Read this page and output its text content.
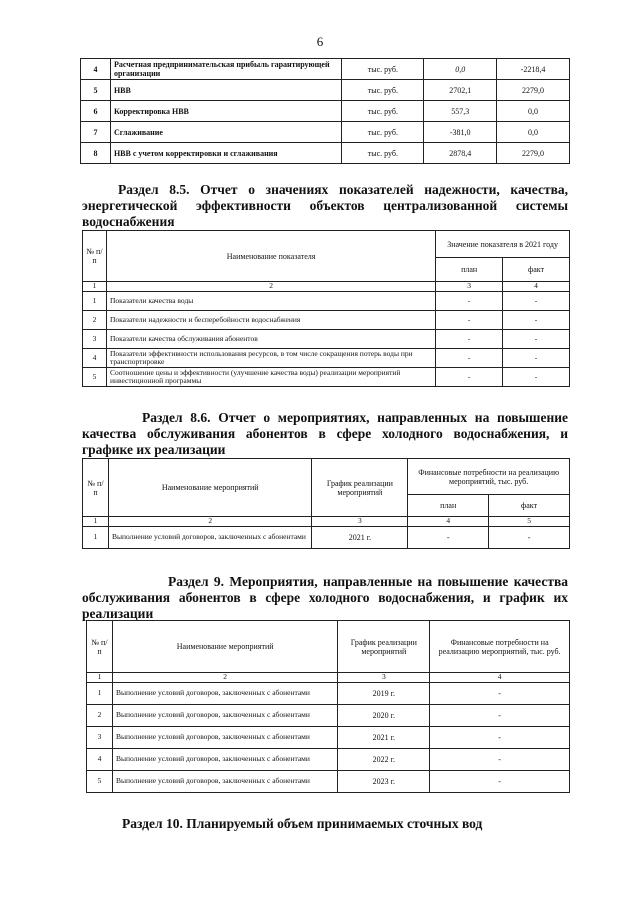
6
4	Расчетная предпринимательская прибыль гарантирующей организации	тыс. руб.	0,0	-2218,4
5	НВВ	тыс. руб.	2702,1	2279,0
6	Корректировка НВВ	тыс. руб.	557,3	0,0
7	Сглаживание	тыс. руб.	-381,0	0,0
8	НВВ с учетом корректировки и сглаживания	тыс. руб.	2878,4	2279,0
Раздел 8.5. Отчет о значениях показателей надежности, качества,
энергетической эффективности объектов централизованной системы
водоснабжения
№ п/п	Наименование показателя	Значение показателя в 2021 году	
		план	факт
1	2	3	4
1	Показатели качества воды	-	-
2	Показатели надежности и бесперебойности водоснабжения	-	-
3	Показатели качества обслуживания абонентов	-	-
4	Показатели эффективности использования ресурсов, в том числе сокращения потерь воды при транспортировке	-	-
5	Соотношение цены и эффективности (улучшение качества воды) реализации мероприятий инвестиционной программы	-	-
Раздел 8.6. Отчет о мероприятиях, направленных на повышение
качества обслуживания абонентов в сфере холодного водоснабжения, и
графике их реализации
№ п/п	Наименование мероприятий	График реализации мероприятий	Финансовые потребности на реализацию мероприятий, тыс. руб.	
			план	факт
1	2	3	4	5
1	Выполнение условий договоров, заключенных с абонентами	2021 г.	-	-
Раздел 9. Мероприятия, направленные на повышение качества
обслуживания абонентов в сфере холодного водоснабжения, и график их
реализации
№ п/п	Наименование мероприятий	График реализации мероприятий	Финансовые потребности на реализацию мероприятий, тыс. руб.
1	2	3	4
1	Выполнение условий договоров, заключенных с абонентами	2019 г.	-
2	Выполнение условий договоров, заключенных с абонентами	2020 г.	-
3	Выполнение условий договоров, заключенных с абонентами	2021 г.	-
4	Выполнение условий договоров, заключенных с абонентами	2022 г.	-
5	Выполнение условий договоров, заключенных с абонентами	2023 г.	-
Раздел 10. Планируемый объем принимаемых сточных вод
